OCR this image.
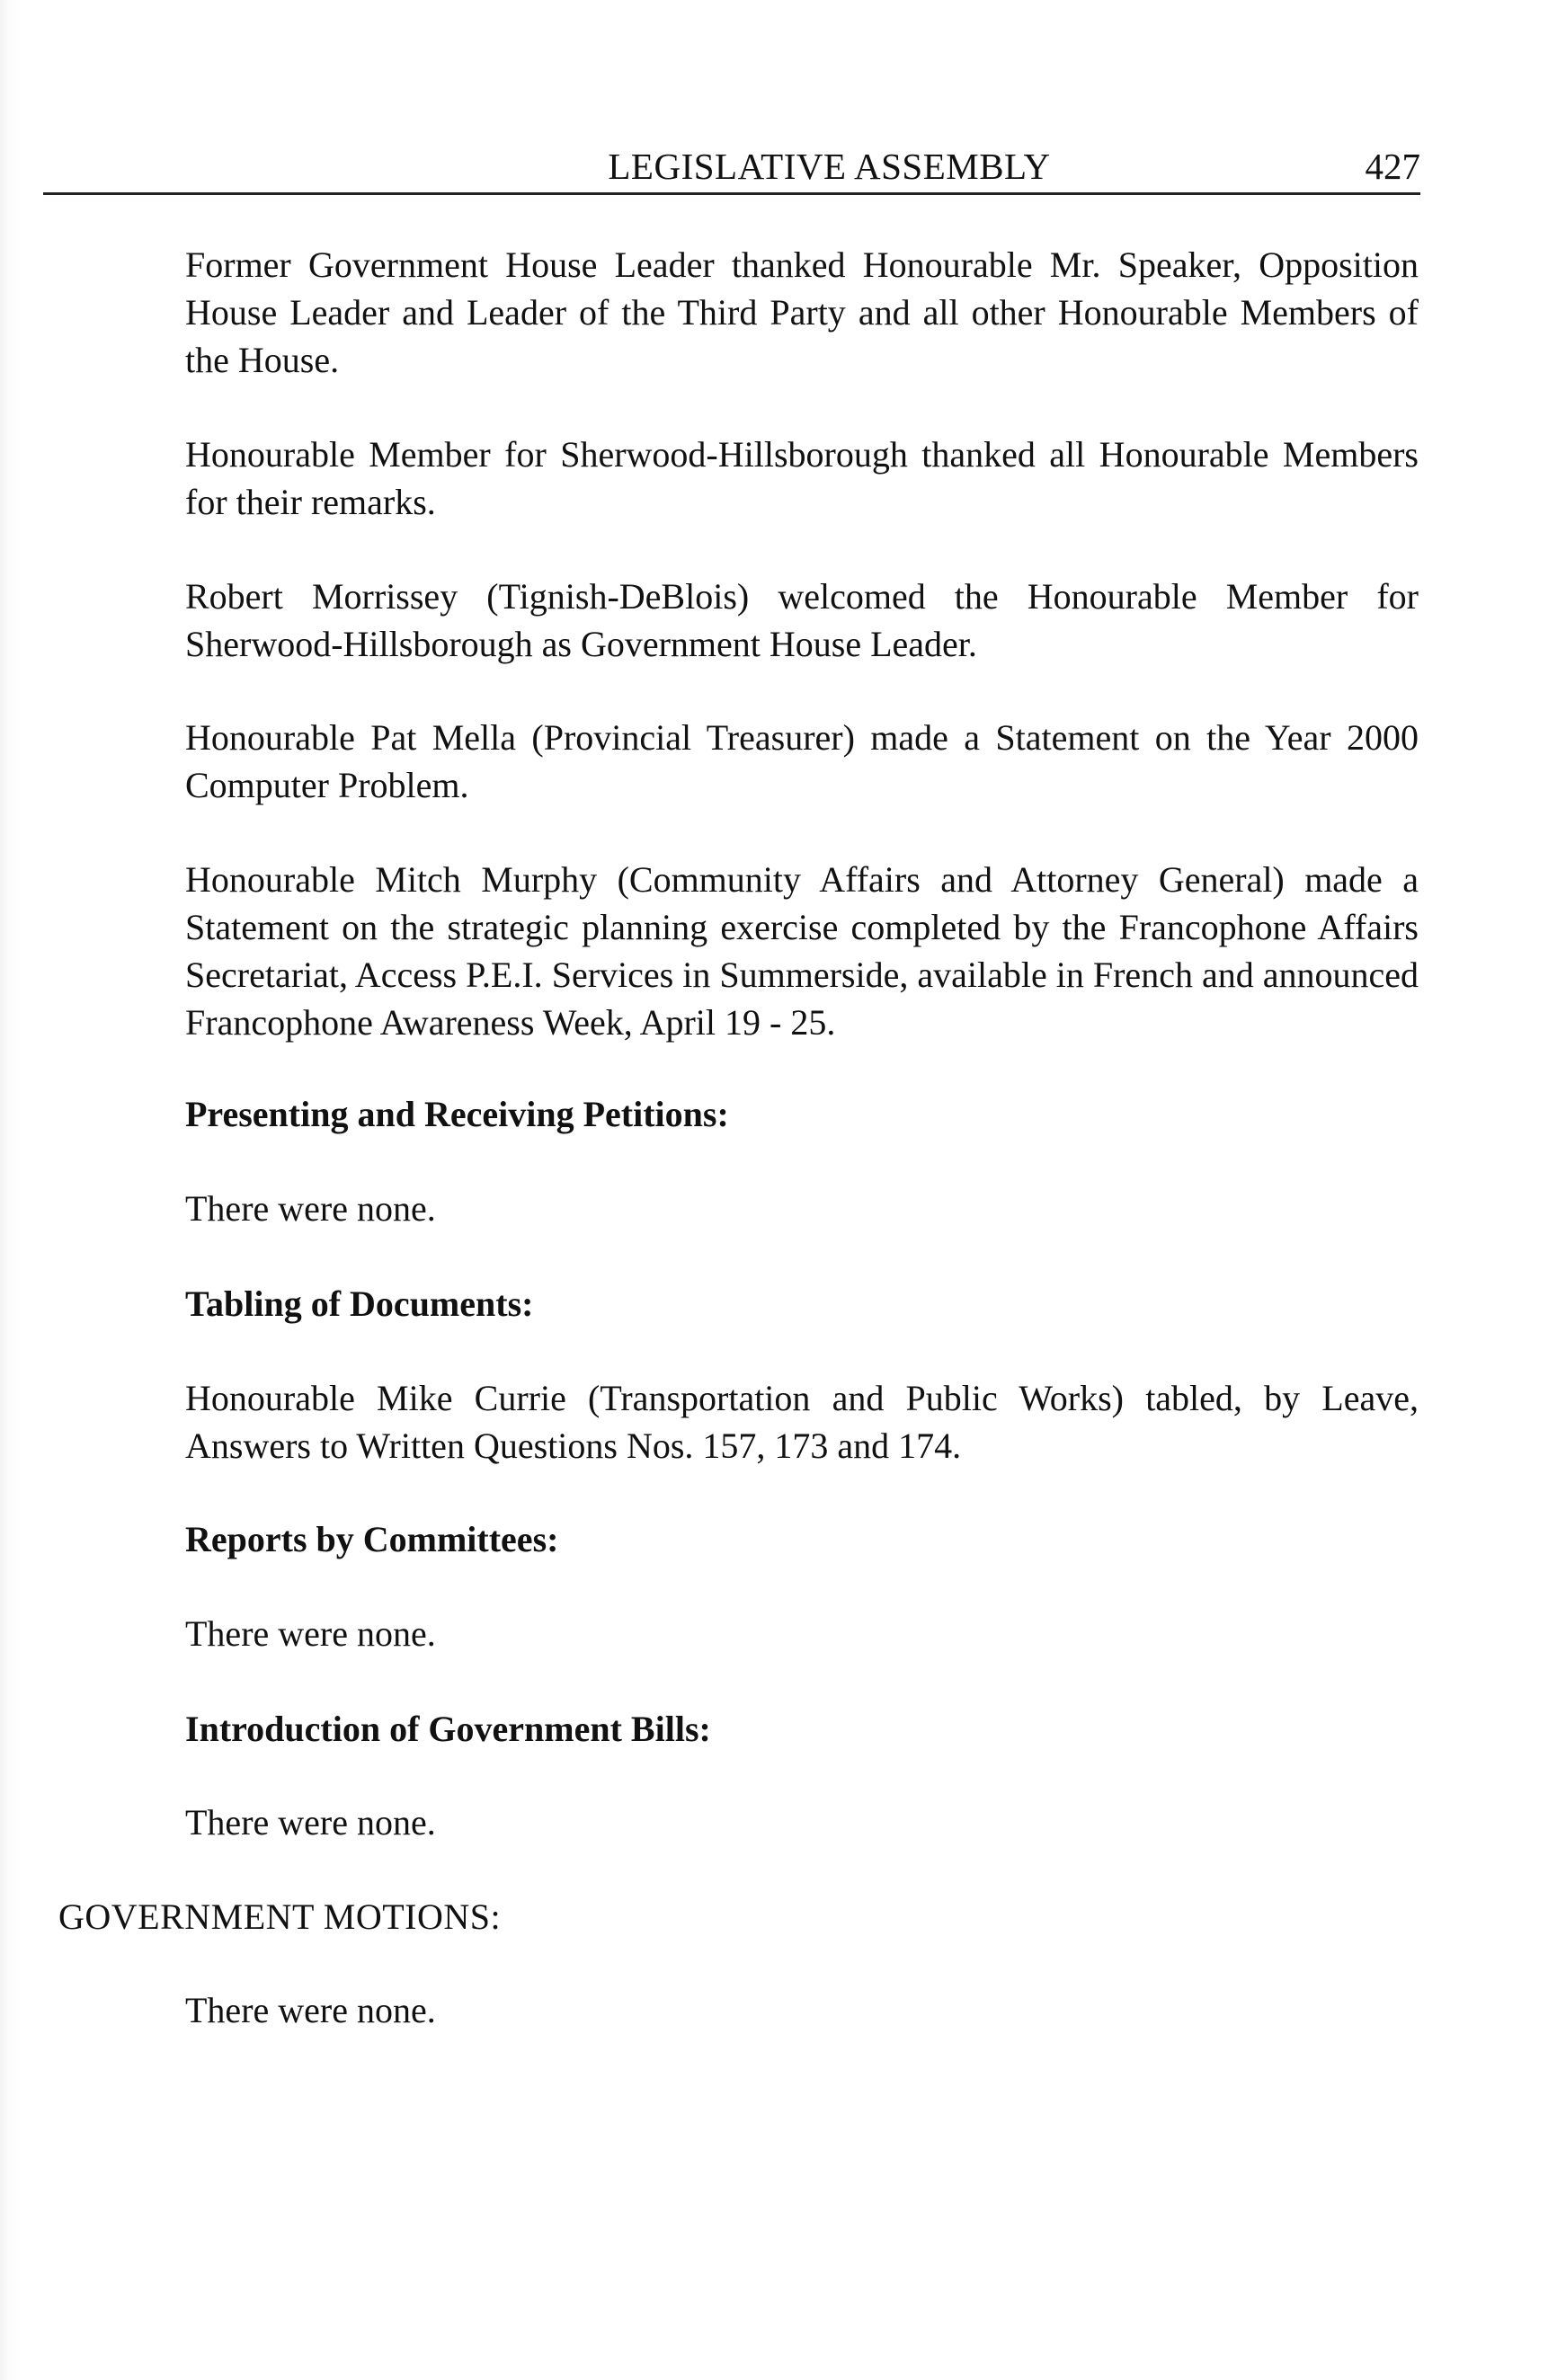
LEGISLATIVE ASSEMBLY	427

Former Government House Leader thanked Honourable Mr. Speaker, Opposition House Leader and Leader of the Third Party and all other Honourable Members of the House.

Honourable Member for Sherwood-Hillsborough thanked all Honourable Members for their remarks.

Robert Morrissey (Tignish-DeBlois) welcomed the Honourable Member for Sherwood-Hillsborough as Government House Leader.

Honourable Pat Mella (Provincial Treasurer) made a Statement on the Year 2000 Computer Problem.

Honourable Mitch Murphy (Community Affairs and Attorney General) made a Statement on the strategic planning exercise completed by the Francophone Affairs Secretariat, Access P.E.I. Services in Summerside, available in French and announced Francophone Awareness Week, April 19 - 25.

Presenting and Receiving Petitions:

There were none.

Tabling of Documents:

Honourable Mike Currie (Transportation and Public Works) tabled, by Leave, Answers to Written Questions Nos. 157, 173 and 174.

Reports by Committees:

There were none.

Introduction of Government Bills:

There were none.

There were none.

GOVERNMENT MOTIONS:
